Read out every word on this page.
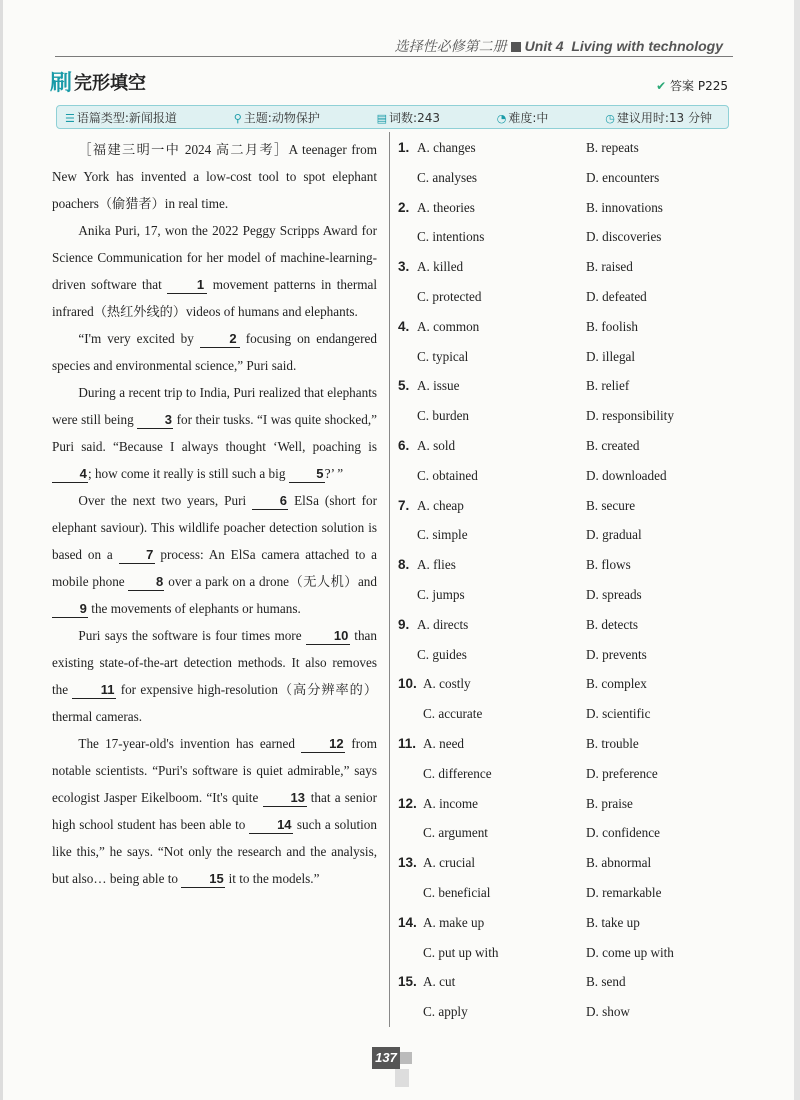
选择性必修第二册 Unit 4 Living with technology
刷 完形填空	✔ 答案 P225
☰ 语篇类型:新闻报道	⚲ 主题:动物保护	▤ 词数:243	◔ 难度:中	◷ 建议用时:13 分钟

［福建三明一中 2024 高二月考］A teenager from New York has invented a low-cost tool to spot elephant poachers（偷猎者）in real time.

Anika Puri, 17, won the 2022 Peggy Scripps Award for Science Communication for her model of machine-learning-driven software that	1 movement patterns in thermal infrared（热红外线的）videos of humans and elephants.

“I'm very excited by	2 focusing on endangered species and environmental science,” Puri said.

During a recent trip to India, Puri realized that elephants were still being 3 for their tusks. “I was quite shocked,” Puri said. “Because I always thought ‘Well, poaching is 4; how come it really is still such a big 5?’ ”

Over the next two years, Puri	6 ElSa (short for elephant saviour). This wildlife poacher detection solution is based on a	7 process: An ElSa camera attached to a mobile phone 8 over a park on a drone（无人机）and 9 the movements of elephants or humans.

Puri says the software is four times more 10 than existing state-of-the-art detection methods. It also removes the	11 for expensive high-resolution（高分辨率的）thermal cameras.

The 17-year-old's invention has earned	12 from notable scientists. “Puri's software is quiet admirable,” says ecologist Jasper Eikelboom. “It's quite 13 that a senior high school student has been able to 14 such a solution like this,” he says. “Not only the research and the analysis, but also… being able to 15 it to the models.”

1. A. changes	B. repeats
C. analyses	D. encounters
2. A. theories	B. innovations
C. intentions	D. discoveries
3. A. killed	B. raised
C. protected	D. defeated
4. A. common	B. foolish
C. typical	D. illegal
5. A. issue	B. relief
C. burden	D. responsibility
6. A. sold	B. created
C. obtained	D. downloaded
7. A. cheap	B. secure
C. simple	D. gradual
8. A. flies	B. flows
C. jumps	D. spreads
9. A. directs	B. detects
C. guides	D. prevents
10. A. costly	B. complex
C. accurate	D. scientific
11. A. need	B. trouble
C. difference	D. preference
12. A. income	B. praise
C. argument	D. confidence
13. A. crucial	B. abnormal
C. beneficial	D. remarkable
14. A. make up	B. take up
C. put up with	D. come up with
15. A. cut	B. send
C. apply	D. show
137
